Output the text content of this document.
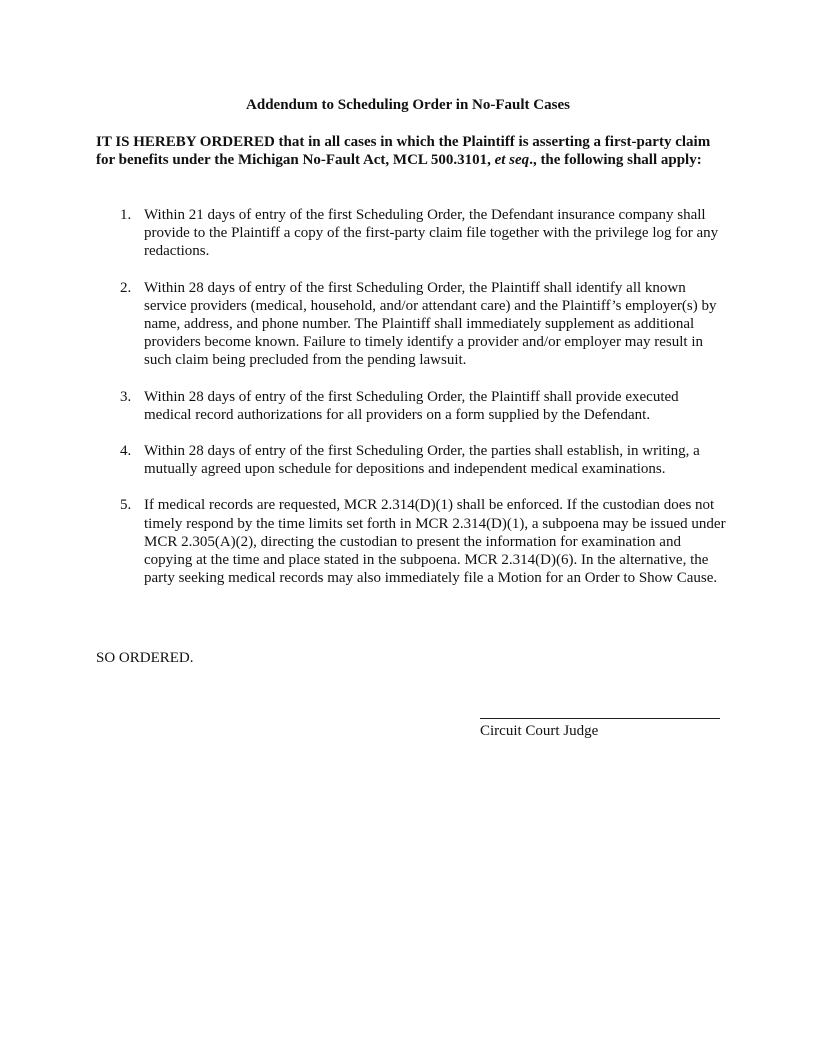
Addendum to Scheduling Order in No-Fault Cases
IT IS HEREBY ORDERED that in all cases in which the Plaintiff is asserting a first-party claim for benefits under the Michigan No-Fault Act, MCL 500.3101, et seq., the following shall apply:
1. Within 21 days of entry of the first Scheduling Order, the Defendant insurance company shall provide to the Plaintiff a copy of the first-party claim file together with the privilege log for any redactions.
2. Within 28 days of entry of the first Scheduling Order, the Plaintiff shall identify all known service providers (medical, household, and/or attendant care) and the Plaintiff’s employer(s) by name, address, and phone number. The Plaintiff shall immediately supplement as additional providers become known. Failure to timely identify a provider and/or employer may result in such claim being precluded from the pending lawsuit.
3. Within 28 days of entry of the first Scheduling Order, the Plaintiff shall provide executed medical record authorizations for all providers on a form supplied by the Defendant.
4. Within 28 days of entry of the first Scheduling Order, the parties shall establish, in writing, a mutually agreed upon schedule for depositions and independent medical examinations.
5. If medical records are requested, MCR 2.314(D)(1) shall be enforced. If the custodian does not timely respond by the time limits set forth in MCR 2.314(D)(1), a subpoena may be issued under MCR 2.305(A)(2), directing the custodian to present the information for examination and copying at the time and place stated in the subpoena. MCR 2.314(D)(6). In the alternative, the party seeking medical records may also immediately file a Motion for an Order to Show Cause.
SO ORDERED.
Circuit Court Judge
